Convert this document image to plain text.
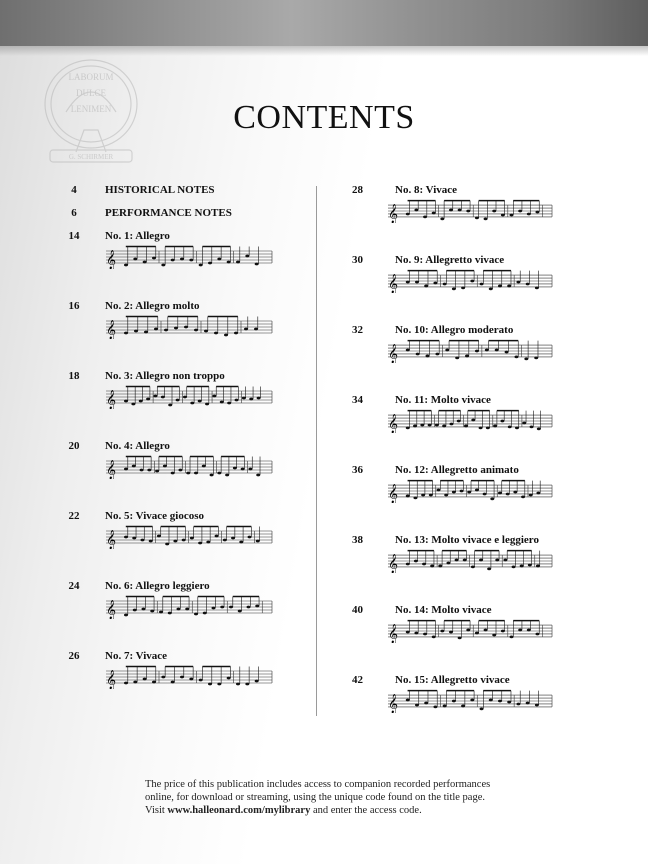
LABORUM
DULCE
LENIMEN
G. SCHIRMER
CONTENTS
4	HISTORICAL NOTES
6	PERFORMANCE NOTES
14	No. 1: Allegro
𝄞
16	No. 2: Allegro molto
𝄞
18	No. 3: Allegro non troppo
𝄞
20	No. 4: Allegro
𝄞
22	No. 5: Vivace giocoso
𝄞
24	No. 6: Allegro leggiero
𝄞
26	No. 7: Vivace
𝄞
28	No. 8: Vivace
𝄞
30	No. 9: Allegretto vivace
𝄞
32	No. 10: Allegro moderato
𝄞
34	No. 11: Molto vivace
𝄞
36	No. 12: Allegretto animato
𝄞
38	No. 13: Molto vivace e leggiero
𝄞
40	No. 14: Molto vivace
𝄞
42	No. 15: Allegretto vivace
𝄞

The price of this publication includes access to companion recorded performances

online, for download or streaming, using the unique code found on the title page.

Visit www.halleonard.com/mylibrary and enter the access code.
